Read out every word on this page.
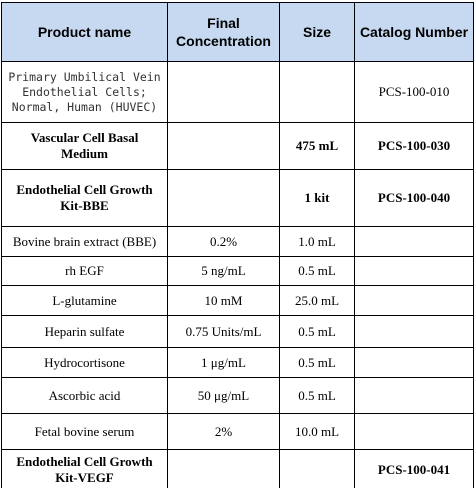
Product name	Final Concentration	Size	Catalog Number
Primary Umbilical Vein Endothelial Cells; Normal, Human (HUVEC)			PCS-100-010
Vascular Cell Basal Medium		475 mL	PCS-100-030
Endothelial Cell Growth Kit-BBE		1 kit	PCS-100-040
Bovine brain extract (BBE)	0.2%	1.0 mL	
rh EGF	5 ng/mL	0.5 mL	
L-glutamine	10 mM	25.0 mL	
Heparin sulfate	0.75 Units/mL	0.5 mL	
Hydrocortisone	1 μg/mL	0.5 mL	
Ascorbic acid	50 μg/mL	0.5 mL	
Fetal bovine serum	2%	10.0 mL	
Endothelial Cell Growth Kit-VEGF			PCS-100-041
